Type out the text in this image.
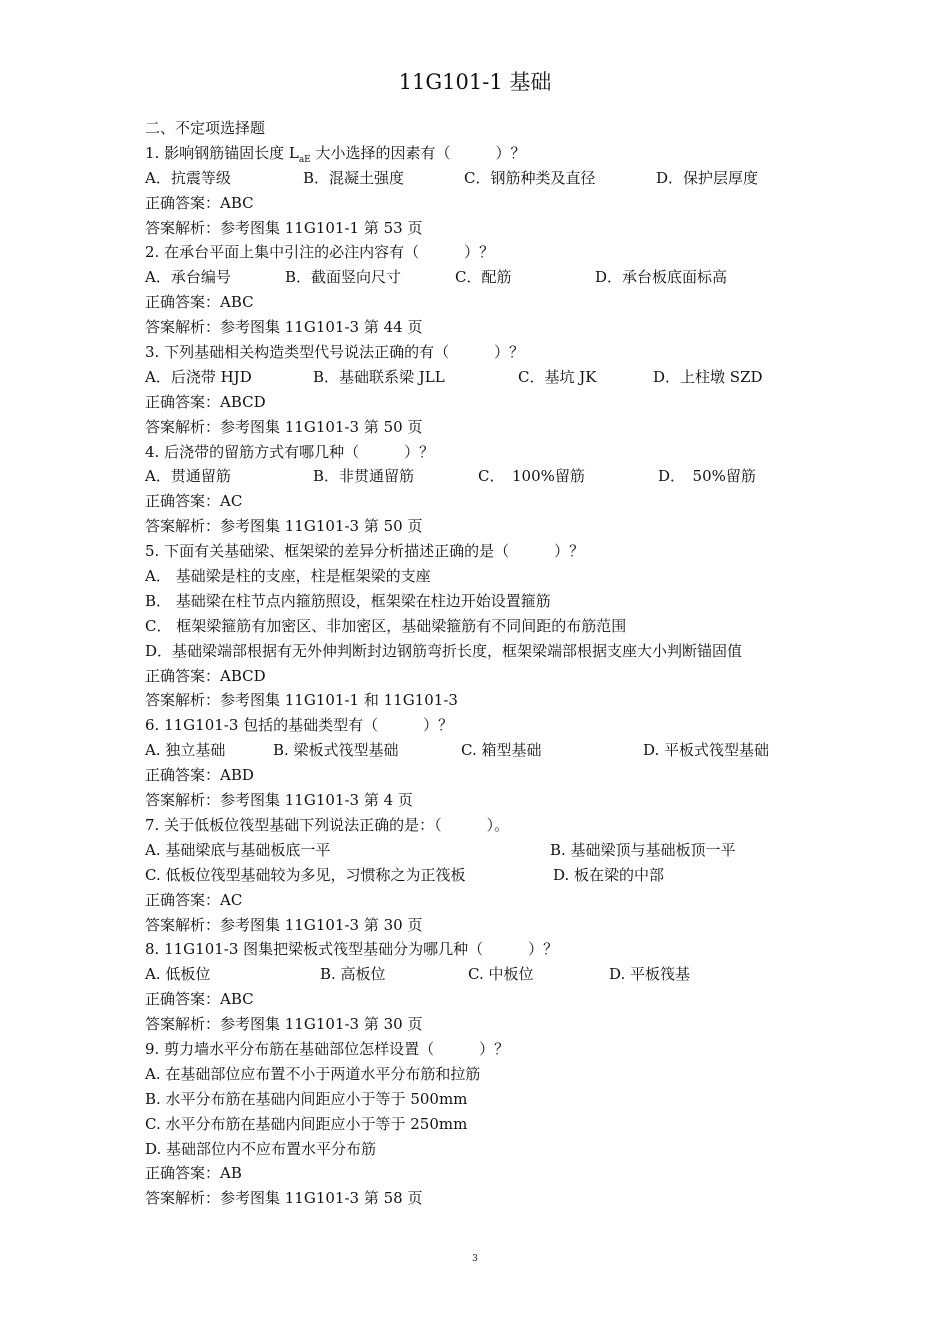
11G101-1 基础
二、不定项选择题
1. 影响钢筋锚固长度 $L_{aE}$ 大小选择的因素有（　　　）？
A．抗震等级	B．混凝土强度	C．钢筋种类及直径	D．保护层厚度
正确答案：ABC
答案解析：参考图集 11G101-1 第 53 页
2. 在承台平面上集中引注的必注内容有（　　　）？
A．承台编号	B．截面竖向尺寸	C．配筋	D．承台板底面标高
正确答案：ABC
答案解析：参考图集 11G101-3 第 44 页
3. 下列基础相关构造类型代号说法正确的有（　　　）？
A．后浇带 HJD	B．基础联系梁 JLL	C．基坑 JK	D．上柱墩 SZD
正确答案：ABCD
答案解析：参考图集 11G101-3 第 50 页
4. 后浇带的留筋方式有哪几种（　　　）？
A．贯通留筋	B．非贯通留筋	C．　100%留筋	D．　50%留筋
正确答案：AC
答案解析：参考图集 11G101-3 第 50 页
5. 下面有关基础梁、框架梁的差异分析描述正确的是（　　　）？
A． 基础梁是柱的支座，柱是框架梁的支座
B． 基础梁在柱节点内箍筋照设，框架梁在柱边开始设置箍筋
C． 框架梁箍筋有加密区、非加密区，基础梁箍筋有不同间距的布筋范围
D．基础梁端部根据有无外伸判断封边钢筋弯折长度，框架梁端部根据支座大小判断锚固值
正确答案：ABCD
答案解析：参考图集 11G101-1 和 11G101-3
6. 11G101-3 包括的基础类型有（　　　）？
A. 独立基础	B. 梁板式筏型基础	C. 箱型基础	D. 平板式筏型基础
正确答案：ABD
答案解析：参考图集 11G101-3 第 4 页
7. 关于低板位筏型基础下列说法正确的是：（　　　）。
A. 基础梁底与基础板底一平	B. 基础梁顶与基础板顶一平
C. 低板位筏型基础较为多见，习惯称之为正筏板	D. 板在梁的中部
正确答案：AC
答案解析：参考图集 11G101-3 第 30 页
8. 11G101-3 图集把梁板式筏型基础分为哪几种（　　　）？
A. 低板位	B. 高板位	C. 中板位	D. 平板筏基
正确答案：ABC
答案解析：参考图集 11G101-3 第 30 页
9. 剪力墙水平分布筋在基础部位怎样设置（　　　）？
A. 在基础部位应布置不小于两道水平分布筋和拉筋
B. 水平分布筋在基础内间距应小于等于 500mm
C. 水平分布筋在基础内间距应小于等于 250mm
D. 基础部位内不应布置水平分布筋
正确答案：AB
答案解析：参考图集 11G101-3 第 58 页
3
